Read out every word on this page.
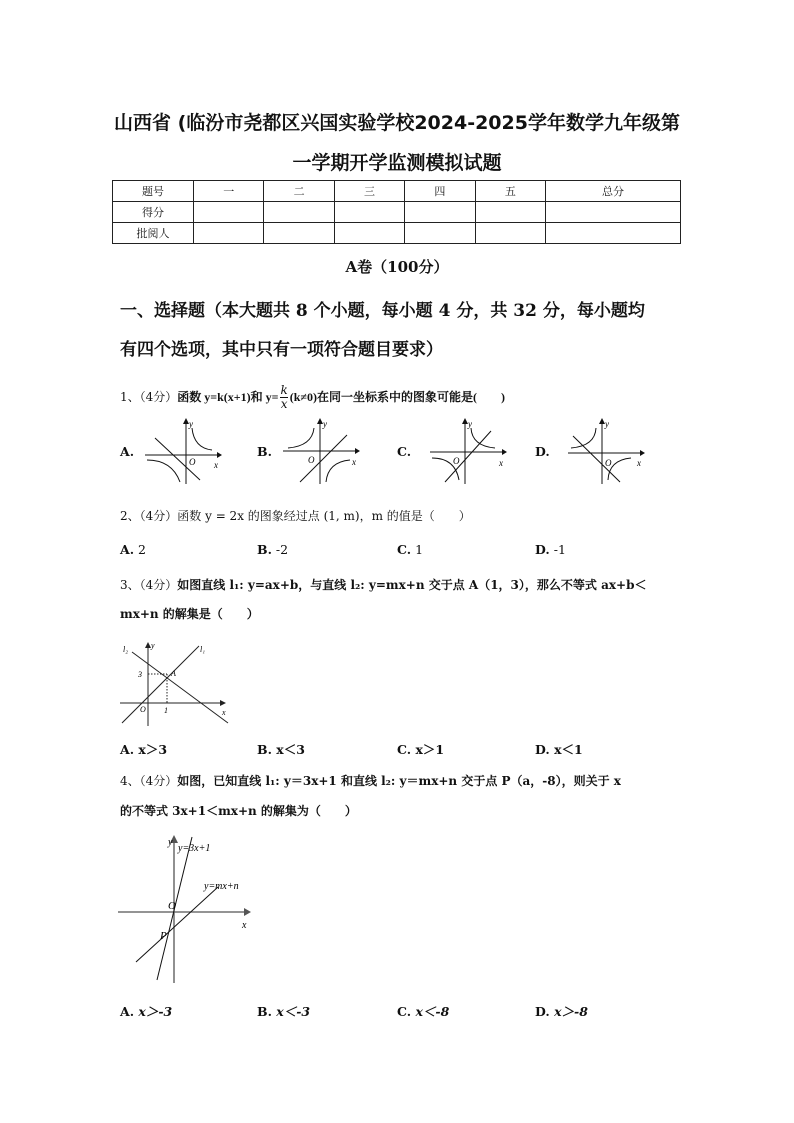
山西省 (临汾市尧都区兴国实验学校2024-2025学年数学九年级第
一学期开学监测模拟试题
题号	一	二	三	四	五	总分
得分						
批阅人						
A卷（100分）
一、选择题（本大题共 8 个小题，每小题 4 分，共 32 分，每小题均
有四个选项，其中只有一项符合题目要求）
1、（4分）函数 y=k(x+1)和 $y= \frac{k}{x} (k\ne 0)$在同一坐标系中的图象可能是(　　)
A.	B.	C.	D.
y
O x
y
O	x
y
O	x
y
O	x
2、（4分）函数 y = 2x 的图象经过点 (1, m)，m 的值是（　　）
A. 2	B. -2	C. 1	D. -1
3、（4分）如图直线 l₁: y=ax+b，与直线 l₂: y=mx+n 交于点 A（1，3），那么不等式 ax+b＜
mx+n 的解集是（　　）
l₂	l₁
y
A
3
1
O	x
A. x＞3	B. x＜3	C. x＞1	D. x＜1
4、（4分）如图，已知直线 l₁: y＝3x+1 和直线 l₂: y＝mx+n 交于点 P（a，-8），则关于 x
的不等式 3x+1＜mx+n 的解集为（　　）
y=3x+1
y=mx+n
y
O
x
P
A. x＞-3	B. x＜-3	C. x＜-8	D. x＞-8
